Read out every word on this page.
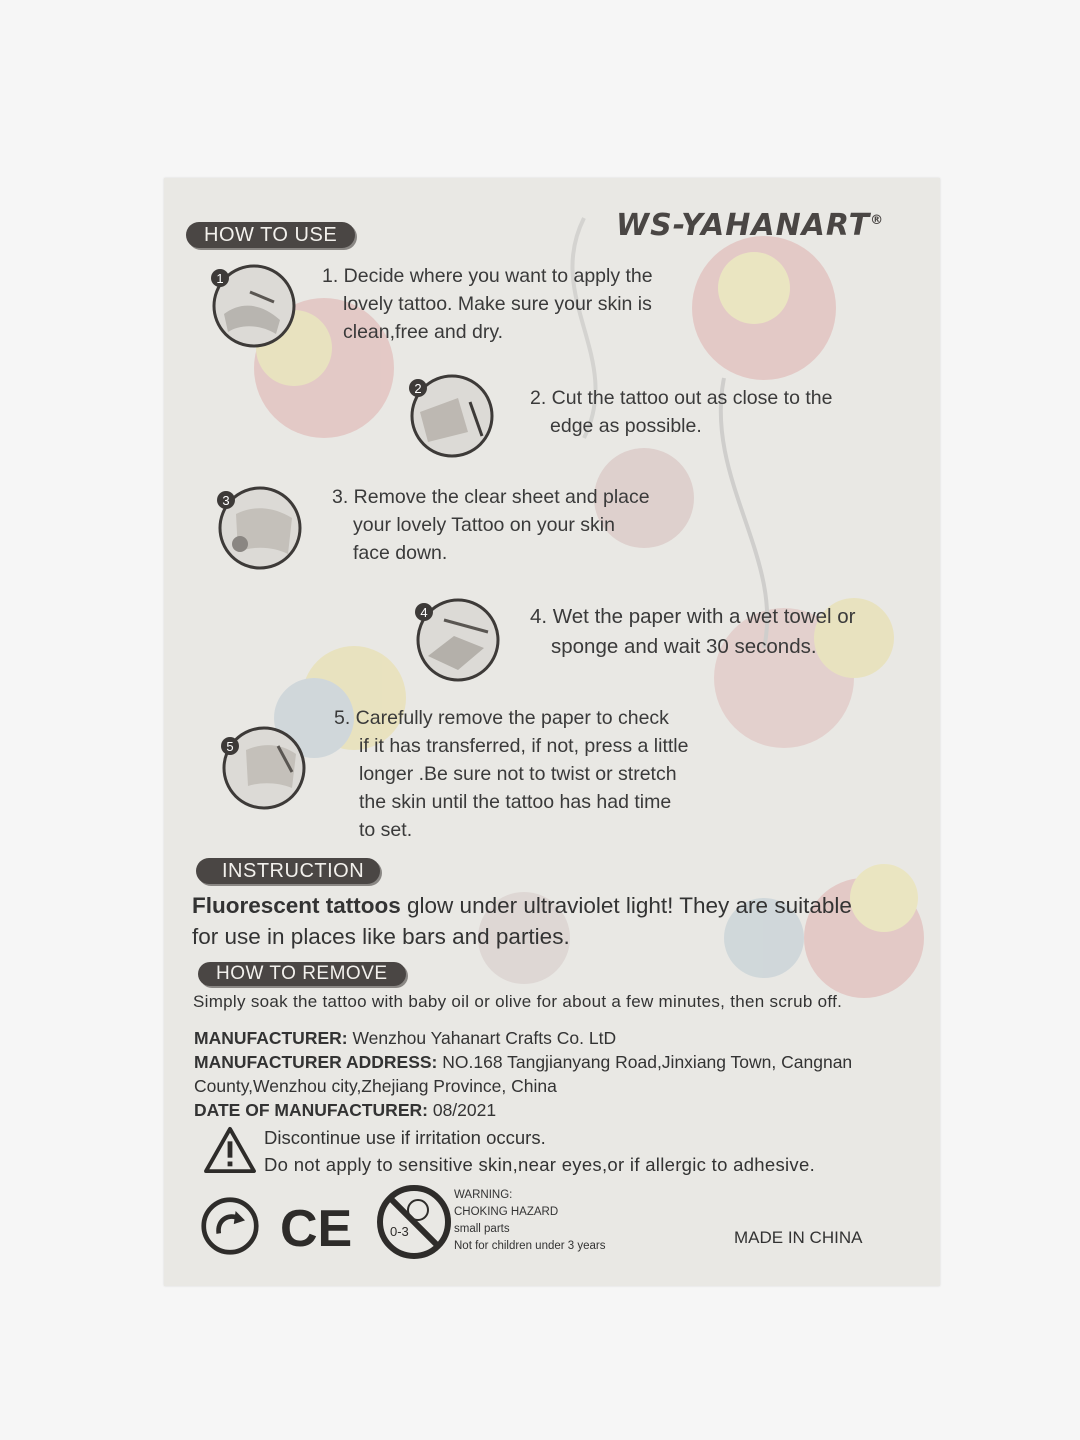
HOW TO USE	WS-YAHANART®
1	1. Decide where you want to apply the
lovely tattoo. Make sure your skin is
clean,free and dry.
2	2. Cut the tattoo out as close to the
edge as possible.
3	3. Remove the clear sheet and place
your lovely Tattoo on your skin
face down.
4	4. Wet the paper with a wet towel or
sponge and wait 30 seconds.
5
5. Carefully remove the paper to check
if it has transferred, if not, press a little
longer .Be sure not to twist or stretch
the skin until the tattoo has had time
to set.
INSTRUCTION
Fluorescent tattoos glow under ultraviolet light! They are suitable
for use in places like bars and parties.
HOW TO REMOVE
Simply soak the tattoo with baby oil or olive for about a few minutes, then scrub off.
MANUFACTURER: Wenzhou Yahanart Crafts Co. LtD
MANUFACTURER ADDRESS: NO.168 Tangjianyang Road,Jinxiang Town, Cangnan
County,Wenzhou city,Zhejiang Province, China
DATE OF MANUFACTURER: 08/2021
Discontinue use if irritation occurs.
Do not apply to sensitive skin,near eyes,or if allergic to adhesive.
CE	0-3
WARNING:
CHOKING HAZARD
small parts
Not for children under 3 years	MADE IN CHINA
